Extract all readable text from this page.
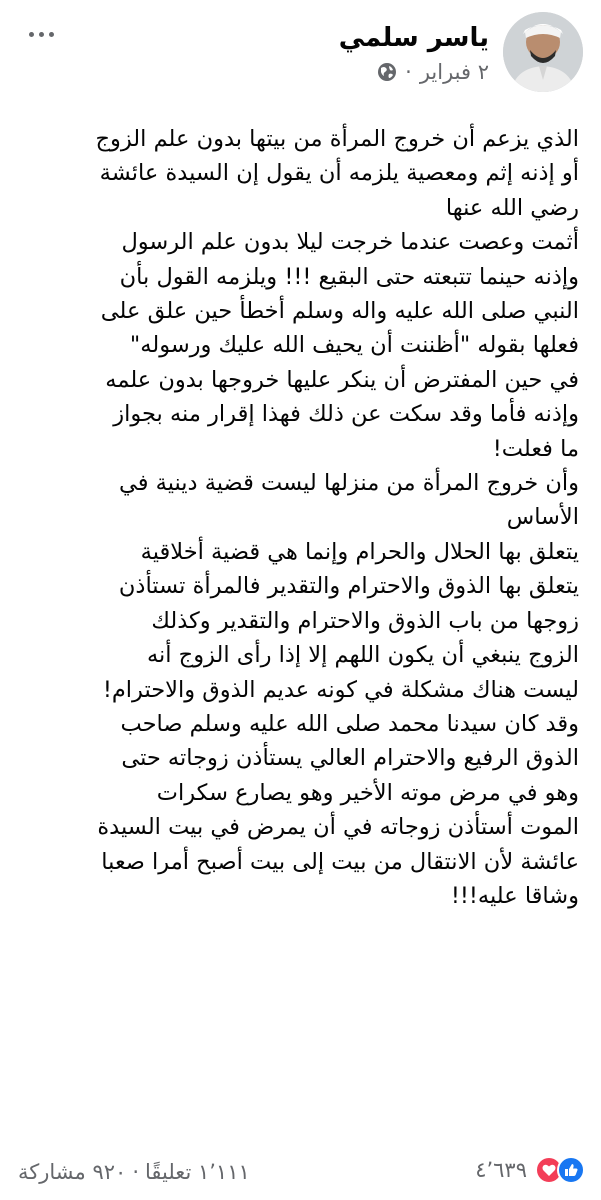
ياسر سلمي
٢ فبراير
·
الذي يزعم أن خروج المرأة من بيتها بدون علم الزوج
أو إذنه إثم ومعصية يلزمه أن يقول إن السيدة عائشة
رضي الله عنها
أثمت وعصت عندما خرجت ليلا بدون علم الرسول
وإذنه حينما تتبعته حتى البقيع !!! ويلزمه القول بأن
النبي صلى الله عليه واله وسلم أخطأ حين علق على
فعلها بقوله "أظننت أن يحيف الله عليك ورسوله"
في حين المفترض أن ينكر عليها خروجها بدون علمه
وإذنه فأما وقد سكت عن ذلك فهذا إقرار منه بجواز
ما فعلت!
وأن خروج المرأة من منزلها ليست قضية دينية في
الأساس
يتعلق بها الحلال والحرام وإنما هي قضية أخلاقية
يتعلق بها الذوق والاحترام والتقدير فالمرأة تستأذن
زوجها من باب الذوق والاحترام والتقدير وكذلك
الزوج ينبغي أن يكون اللهم إلا إذا رأى الزوج أنه
ليست هناك مشكلة في كونه عديم الذوق والاحترام!
وقد كان سيدنا محمد صلى الله عليه وسلم صاحب
الذوق الرفيع والاحترام العالي يستأذن زوجاته حتى
وهو في مرض موته الأخير وهو يصارع سكرات
الموت أستأذن زوجاته في أن يمرض في بيت السيدة
عائشة لأن الانتقال من بيت إلى بيت أصبح أمرا صعبا
وشاقا عليه!!!
٤٬٦٣٩
١٬١١١ تعليقًا
·
٩٢٠ مشاركة
